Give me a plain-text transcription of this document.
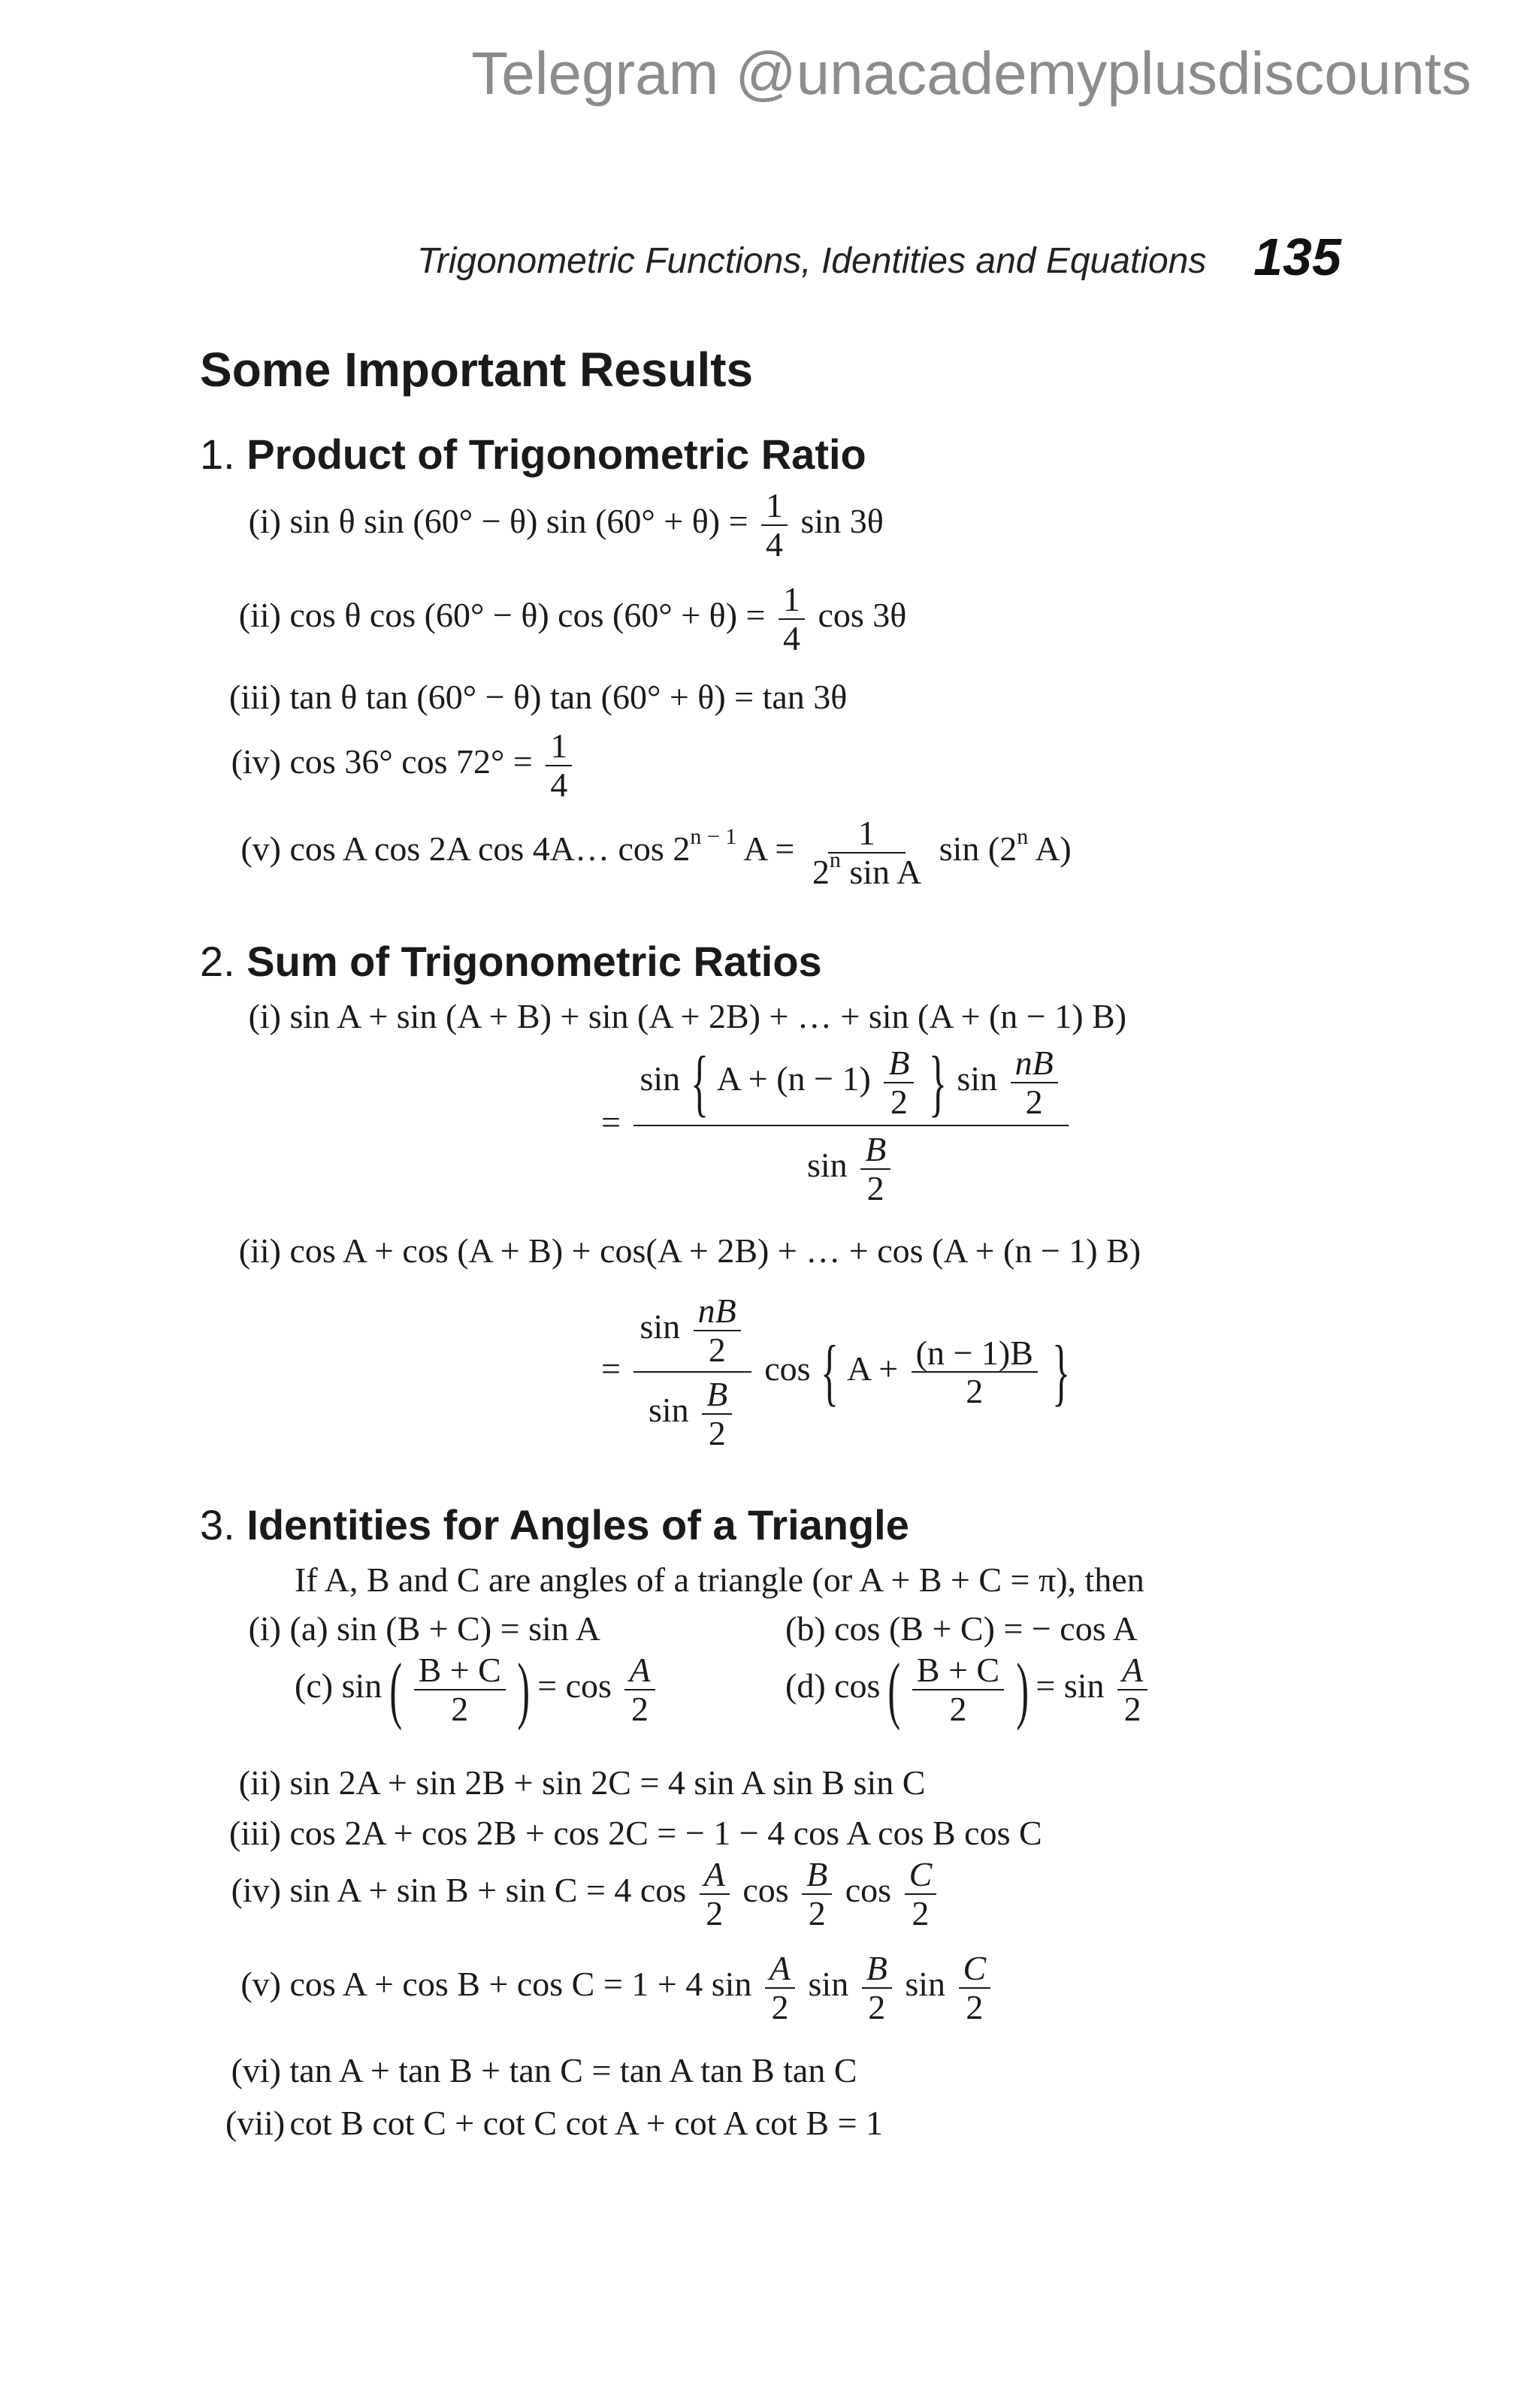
Telegram @unacademyplusdiscounts
Trigonometric Functions, Identities and Equations 135
Some Important Results
1. Product of Trigonometric Ratio
(i) sin θ sin (60° − θ) $\sin (60^\circ + \theta) = \frac{1}{4}$ sin 3θ
(ii) cos θ cos (60° − θ) $\cos (60^\circ + \theta) = \frac{1}{4}$ cos 3θ
(iii) tan θ tan (60° − θ) tan (60° + θ) = tan 3θ
(iv) cos 36° $\cos 72^\circ = \frac{1}{4}$
(v) cos A cos 2A cos 4A… $\cos 2^{n - 1}$ $A = \frac{1}{2^n \sin A}$ sin (2$^n$ A)
2. Sum of Trigonometric Ratios
(i) sin A + sin (A + B) + sin (A + 2B) + … + sin (A + (n − 1) B)
=
sin { $A + (n - 1) \frac{B}{2}$ } $\sin \frac{nB}{2}$
$\sin \frac{B}{2}$
(ii) cos A + cos (A + B) + cos(A + 2B) + … + cos (A + (n − 1) B)
= $\frac{\sin \frac{nB}{2}}{\sin \frac{B}{2}}$ cos { $A + \frac{(n - 1)B}{2}$ }
3. Identities for Angles of a Triangle
If A, B and C are angles of a triangle (or A + B + C = π), then
(i) (a) sin (B + C) = sin A	(b) cos (B + C) = − cos A
(c) sin ( $\frac{B + C}{2}$ ) = $\cos \frac{A}{2}$	(d) cos ( $\frac{B + C}{2}$ ) = $\sin \frac{A}{2}$
(ii) sin 2A + sin 2B + sin 2C = 4 sin A sin B sin C
(iii) cos 2A + cos 2B + cos 2C = − 1 − 4 cos A cos B cos C
(iv) sin A + sin B + sin C = 4 $\cos \frac{A}{2}$ $\cos \frac{B}{2}$ $\cos \frac{C}{2}$
(v) cos A + cos B + cos C = 1 + 4 $\sin \frac{A}{2}$ $\sin \frac{B}{2}$ $\sin \frac{C}{2}$
(vi) tan A + tan B + tan C = tan A tan B tan C
(vii) cot B cot C + cot C cot A + cot A cot B = 1
